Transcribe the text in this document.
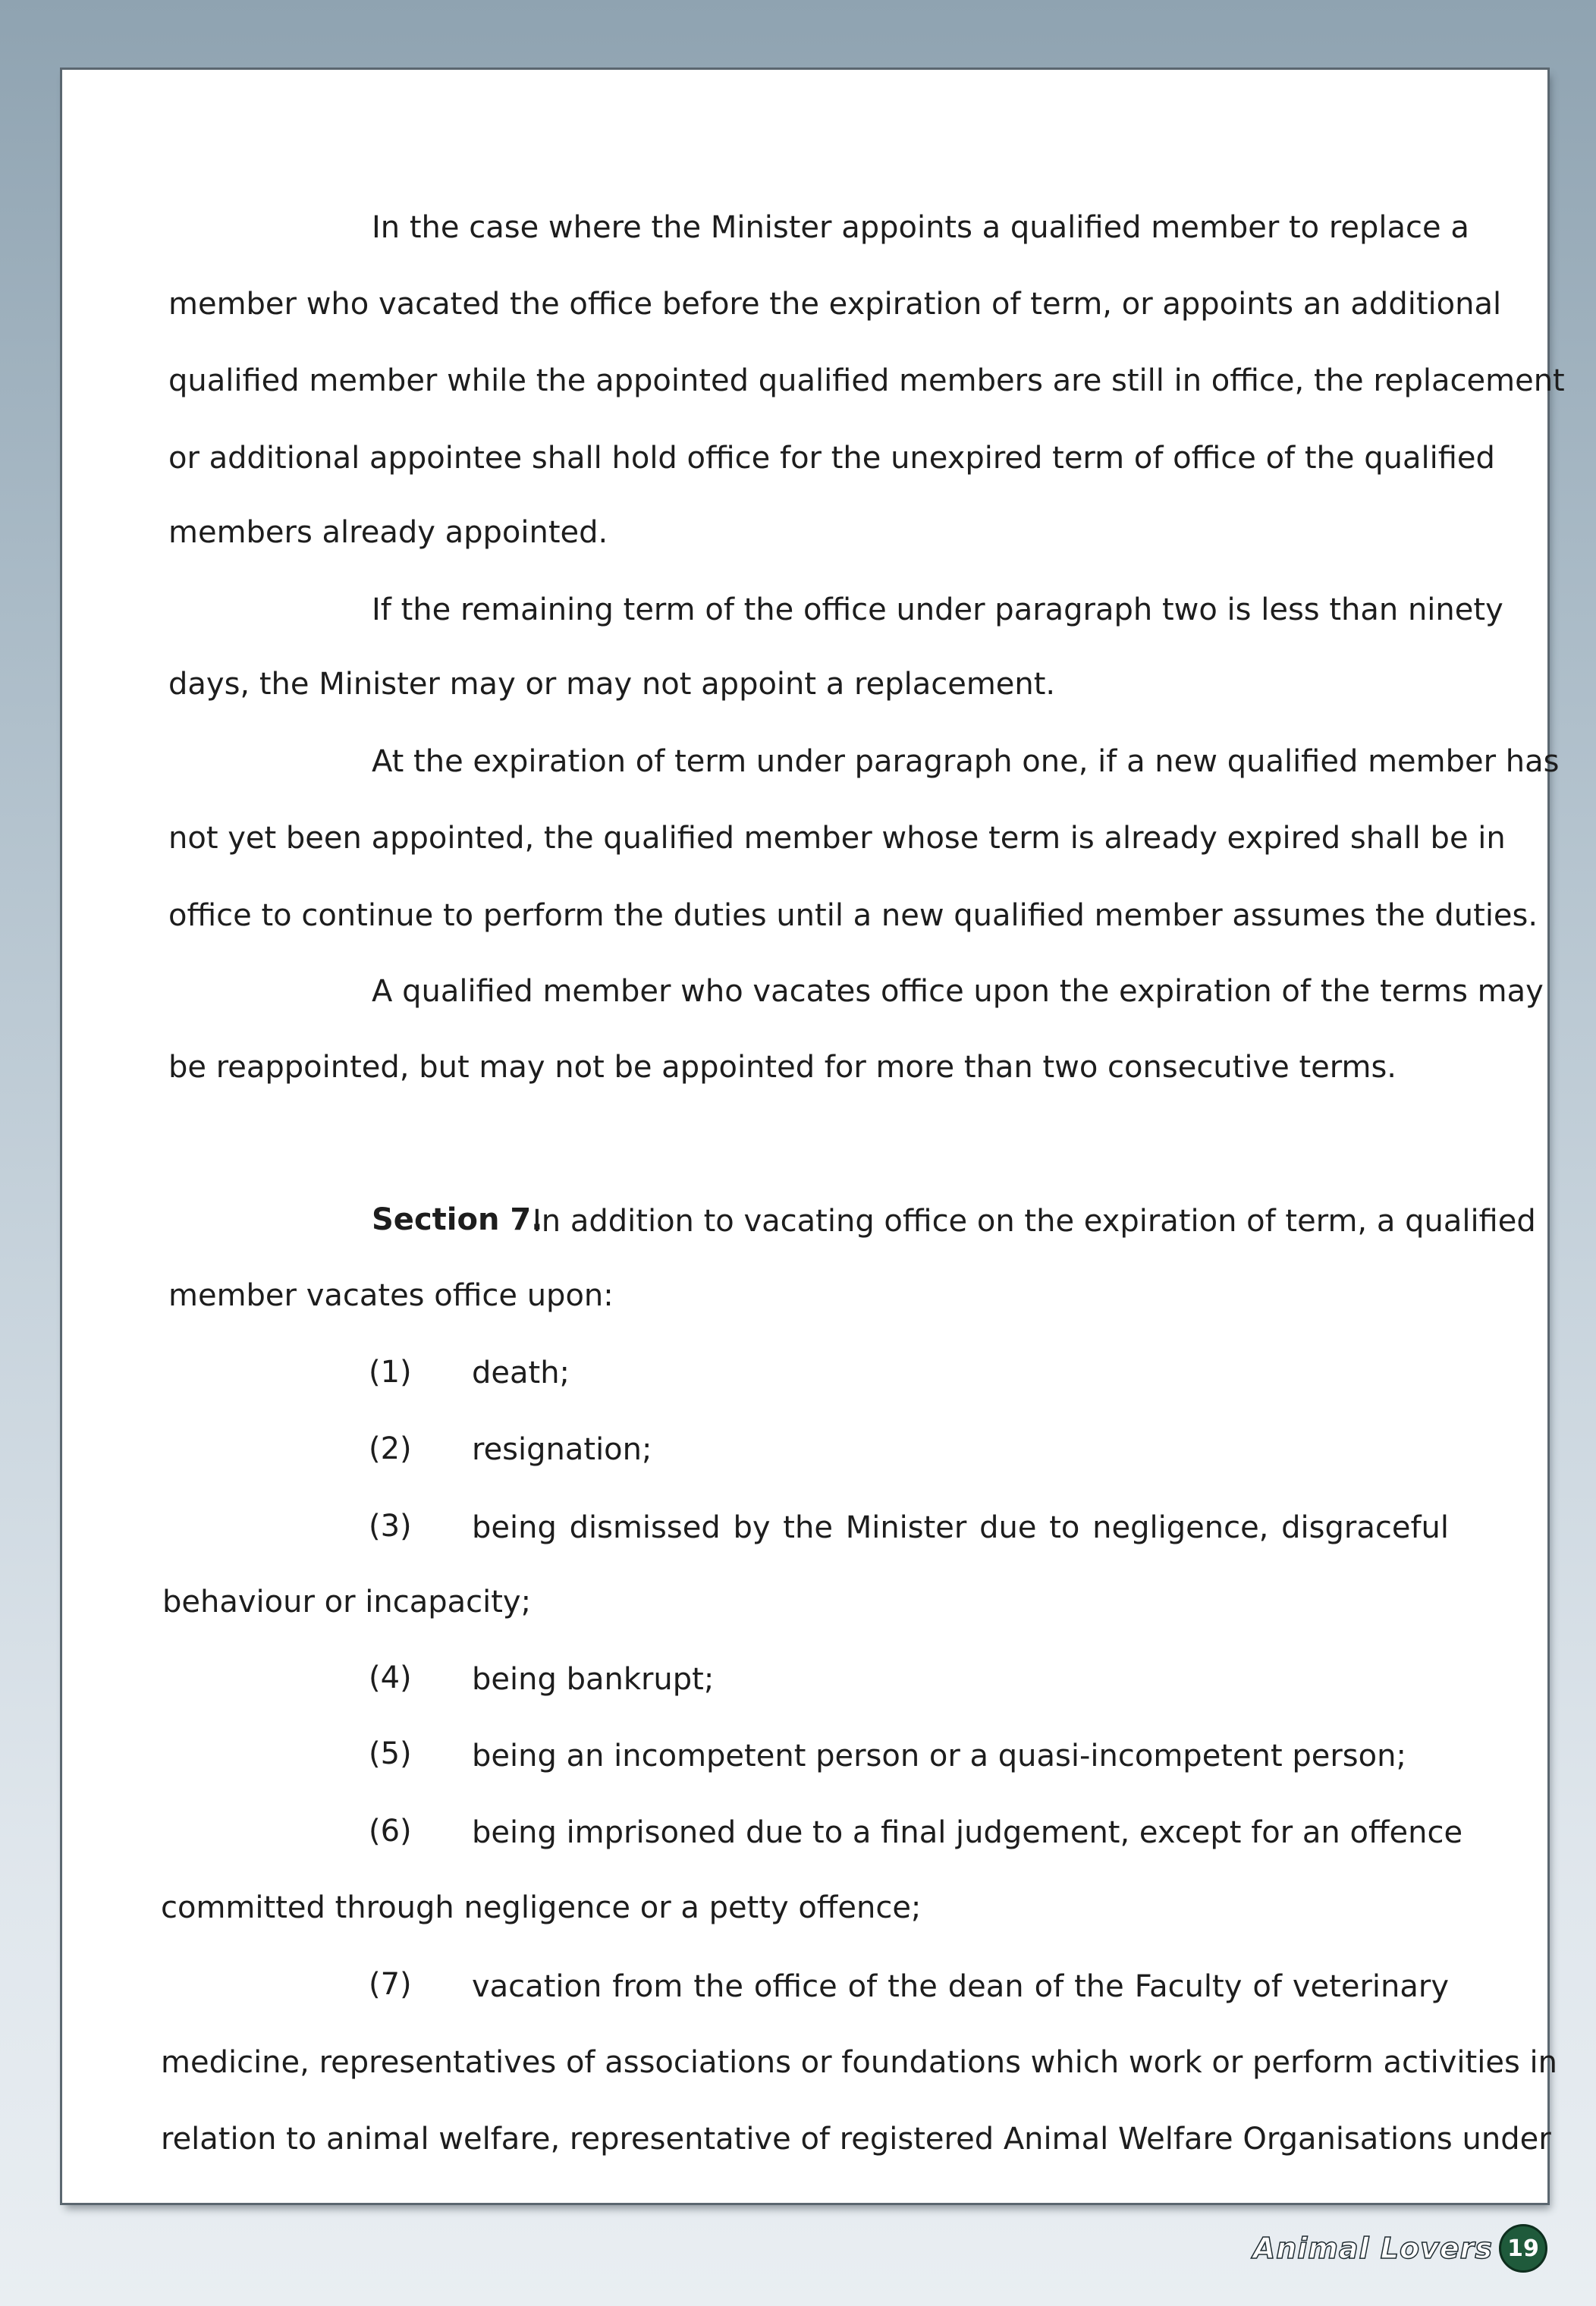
In the case where the Minister appoints a qualified member to replace a
member who vacated the office before the expiration of term, or appoints an additional
qualified member while the appointed qualified members are still in office, the replacement
or additional appointee shall hold office for the unexpired term of office of the qualified
members already appointed.
If the remaining term of the office under paragraph two is less than ninety
days, the Minister may or may not appoint a replacement.
At the expiration of term under paragraph one, if a new qualified member has
not yet been appointed, the qualified member whose term is already expired shall be in
office to continue to perform the duties until a new qualified member assumes the duties.
A qualified member who vacates office upon the expiration of the terms may
be reappointed, but may not be appointed for more than two consecutive terms.
Section 7.
In addition to vacating office on the expiration of term, a qualified
member vacates office upon:
(1)	death;
(2)	resignation;
(3)	being dismissed by the Minister due to negligence, disgraceful
behaviour or incapacity;
(4)	being bankrupt;
(5)	being an incompetent person or a quasi-incompetent person;
(6)	being imprisoned due to a final judgement, except for an offence
committed through negligence or a petty offence;
(7)	vacation from the office of the dean of the Faculty of veterinary
medicine, representatives of associations or foundations which work or perform activities in
relation to animal welfare, representative of registered Animal Welfare Organisations under
Animal Lovers 19
